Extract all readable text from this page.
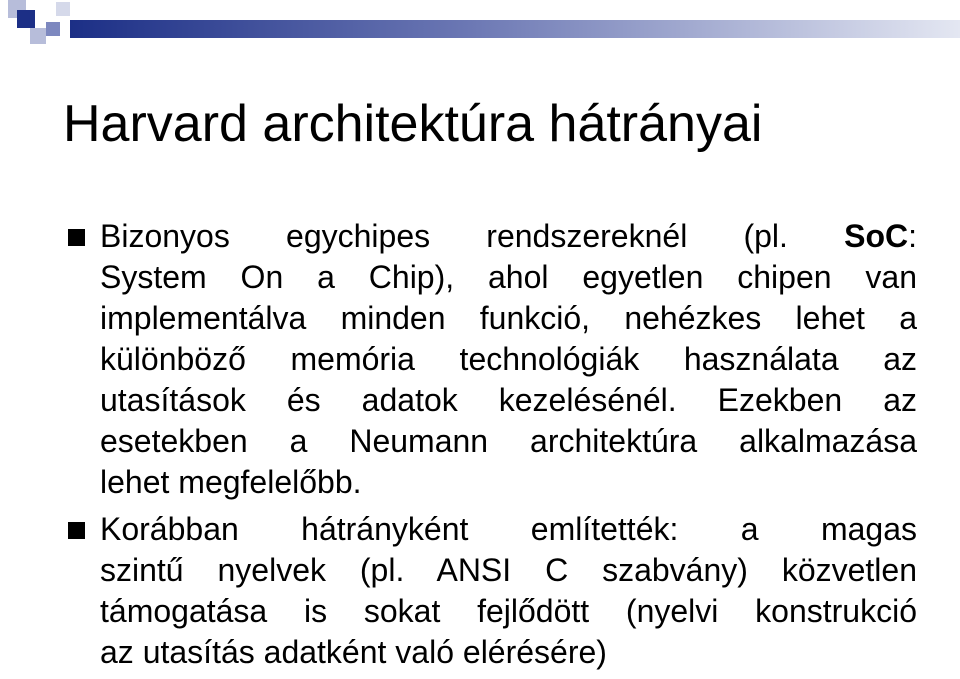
Harvard architektúra hátrányai
Bizonyos egychipes rendszereknél (pl. SoC:
System On a Chip), ahol egyetlen chipen van
implementálva minden funkció, nehézkes lehet a
különböző memória technológiák használata az
utasítások és adatok kezelésénél. Ezekben az
esetekben a Neumann architektúra alkalmazása
lehet megfelelőbb.
Korábban hátrányként említették: a magas
szintű nyelvek (pl. ANSI C szabvány) közvetlen
támogatása is sokat fejlődött (nyelvi konstrukció
az utasítás adatként való elérésére)
